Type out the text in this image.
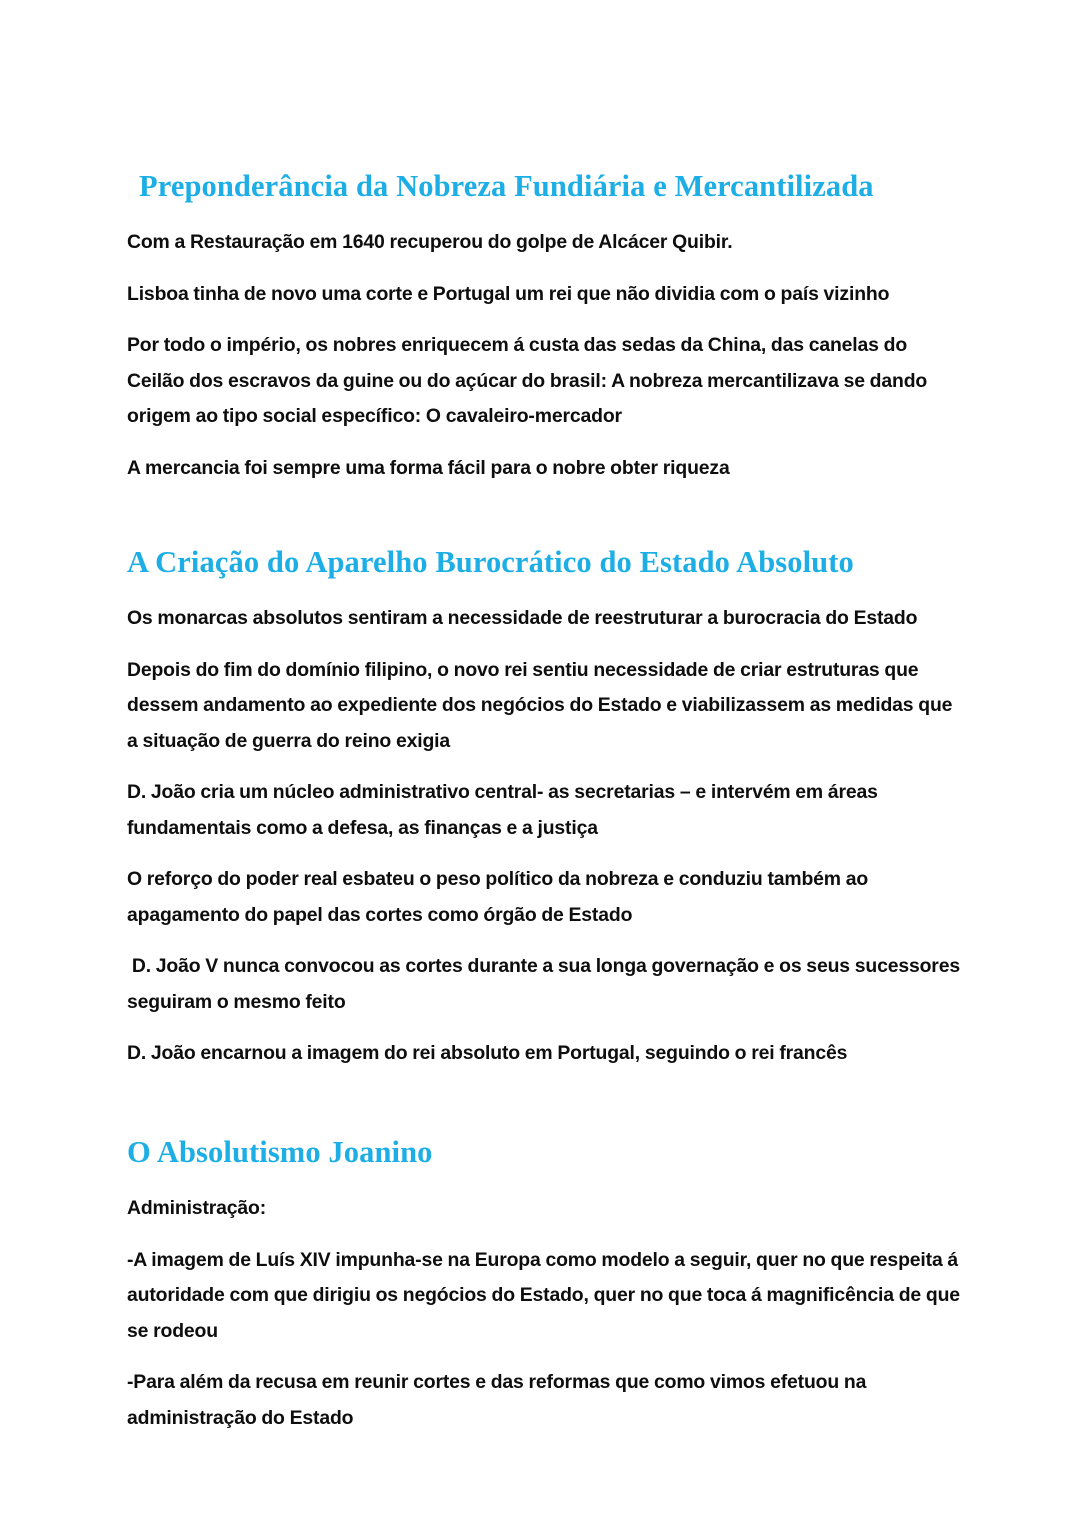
Preponderância da Nobreza Fundiária e Mercantilizada

Com a Restauração em 1640 recuperou do golpe de Alcácer Quibir.

Lisboa tinha de novo uma corte e Portugal um rei que não dividia com o país vizinho

Por todo o império, os nobres enriquecem á custa das sedas da China, das canelas do Ceilão dos escravos da guine ou do açúcar do brasil: A nobreza mercantilizava se dando origem ao tipo social específico: O cavaleiro-mercador

A mercancia foi sempre uma forma fácil para o nobre obter riqueza

A Criação do Aparelho Burocrático do Estado Absoluto

Os monarcas absolutos sentiram a necessidade de reestruturar a burocracia do Estado

Depois do fim do domínio filipino, o novo rei sentiu necessidade de criar estruturas que dessem andamento ao expediente dos negócios do Estado e viabilizassem as medidas que a situação de guerra do reino exigia

D. João cria um núcleo administrativo central- as secretarias – e intervém em áreas fundamentais como a defesa, as finanças e a justiça

O reforço do poder real esbateu o peso político da nobreza e conduziu também ao apagamento do papel das cortes como órgão de Estado

D. João V nunca convocou as cortes durante a sua longa governação e os seus sucessores seguiram o mesmo feito

D. João encarnou a imagem do rei absoluto em Portugal, seguindo o rei francês

O Absolutismo Joanino

Administração:

-A imagem de Luís XIV impunha-se na Europa como modelo a seguir, quer no que respeita á autoridade com que dirigiu os negócios do Estado, quer no que toca á magnificência de que se rodeou

-Para além da recusa em reunir cortes e das reformas que como vimos efetuou na administração do Estado
